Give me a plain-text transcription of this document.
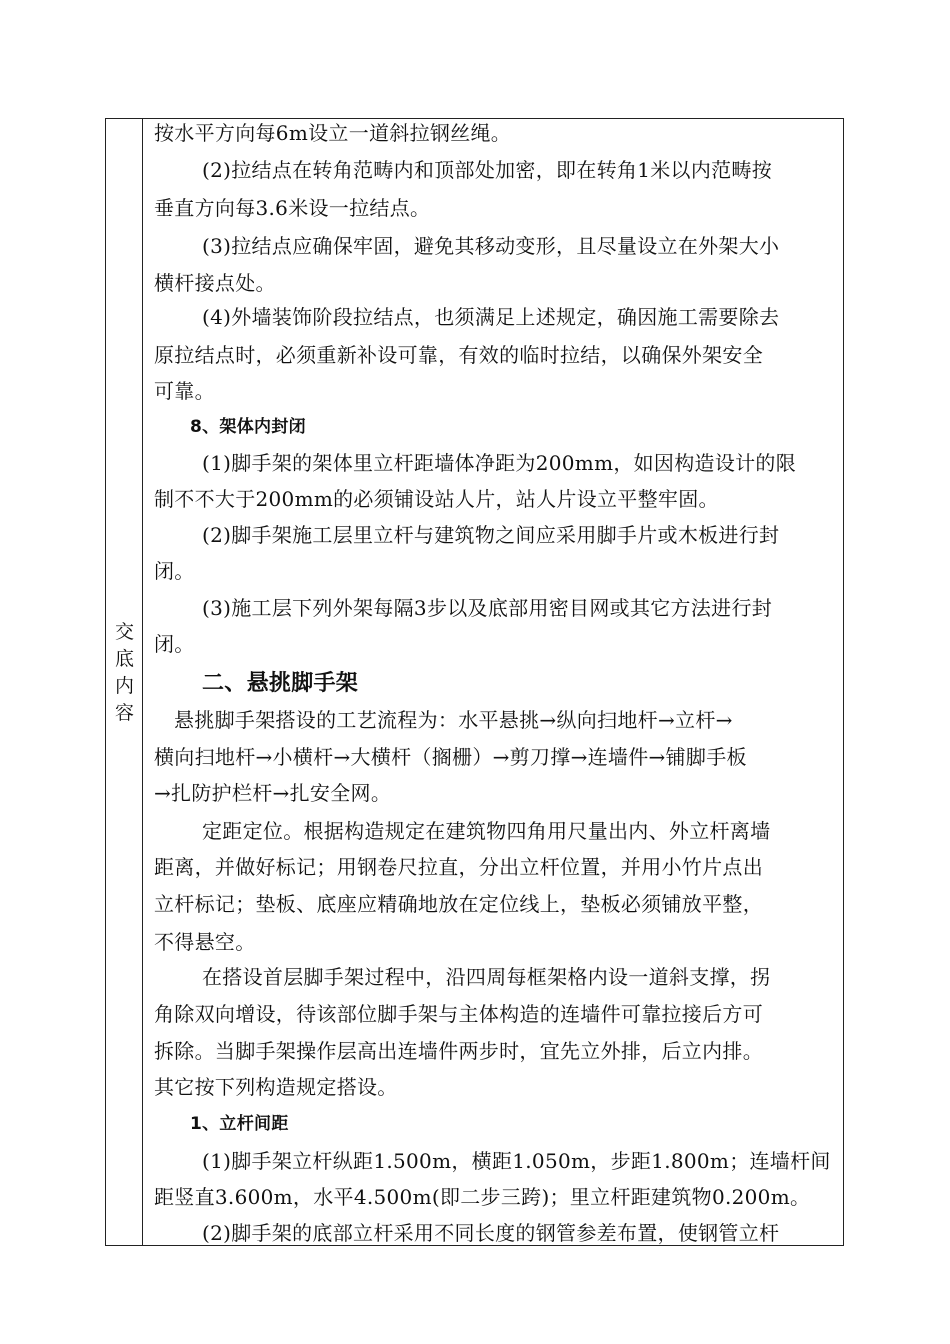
交
底
内
容
按水平方向每6m设立一道斜拉钢丝绳。
(2)拉结点在转角范畴内和顶部处加密，即在转角1米以内范畴按
垂直方向每3.6米设一拉结点。
(3)拉结点应确保牢固，避免其移动变形，且尽量设立在外架大小
横杆接点处。
(4)外墙装饰阶段拉结点，也须满足上述规定，确因施工需要除去
原拉结点时，必须重新补设可靠，有效的临时拉结，以确保外架安全
可靠。
8、架体内封闭
(1)脚手架的架体里立杆距墙体净距为200mm，如因构造设计的限
制不不大于200mm的必须铺设站人片，站人片设立平整牢固。
(2)脚手架施工层里立杆与建筑物之间应采用脚手片或木板进行封
闭。
(3)施工层下列外架每隔3步以及底部用密目网或其它方法进行封
闭。
二、悬挑脚手架
悬挑脚手架搭设的工艺流程为：水平悬挑→纵向扫地杆→立杆→
横向扫地杆→小横杆→大横杆（搁栅）→剪刀撑→连墙件→铺脚手板
→扎防护栏杆→扎安全网。
定距定位。根据构造规定在建筑物四角用尺量出内、外立杆离墙
距离，并做好标记；用钢卷尺拉直，分出立杆位置，并用小竹片点出
立杆标记；垫板、底座应精确地放在定位线上，垫板必须铺放平整，
不得悬空。
在搭设首层脚手架过程中，沿四周每框架格内设一道斜支撑，拐
角除双向增设，待该部位脚手架与主体构造的连墙件可靠拉接后方可
拆除。当脚手架操作层高出连墙件两步时，宜先立外排，后立内排。
其它按下列构造规定搭设。
1、立杆间距
(1)脚手架立杆纵距1.500m，横距1.050m，步距1.800m；连墙杆间
距竖直3.600m，水平4.500m(即二步三跨)；里立杆距建筑物0.200m。
(2)脚手架的底部立杆采用不同长度的钢管参差布置，使钢管立杆
